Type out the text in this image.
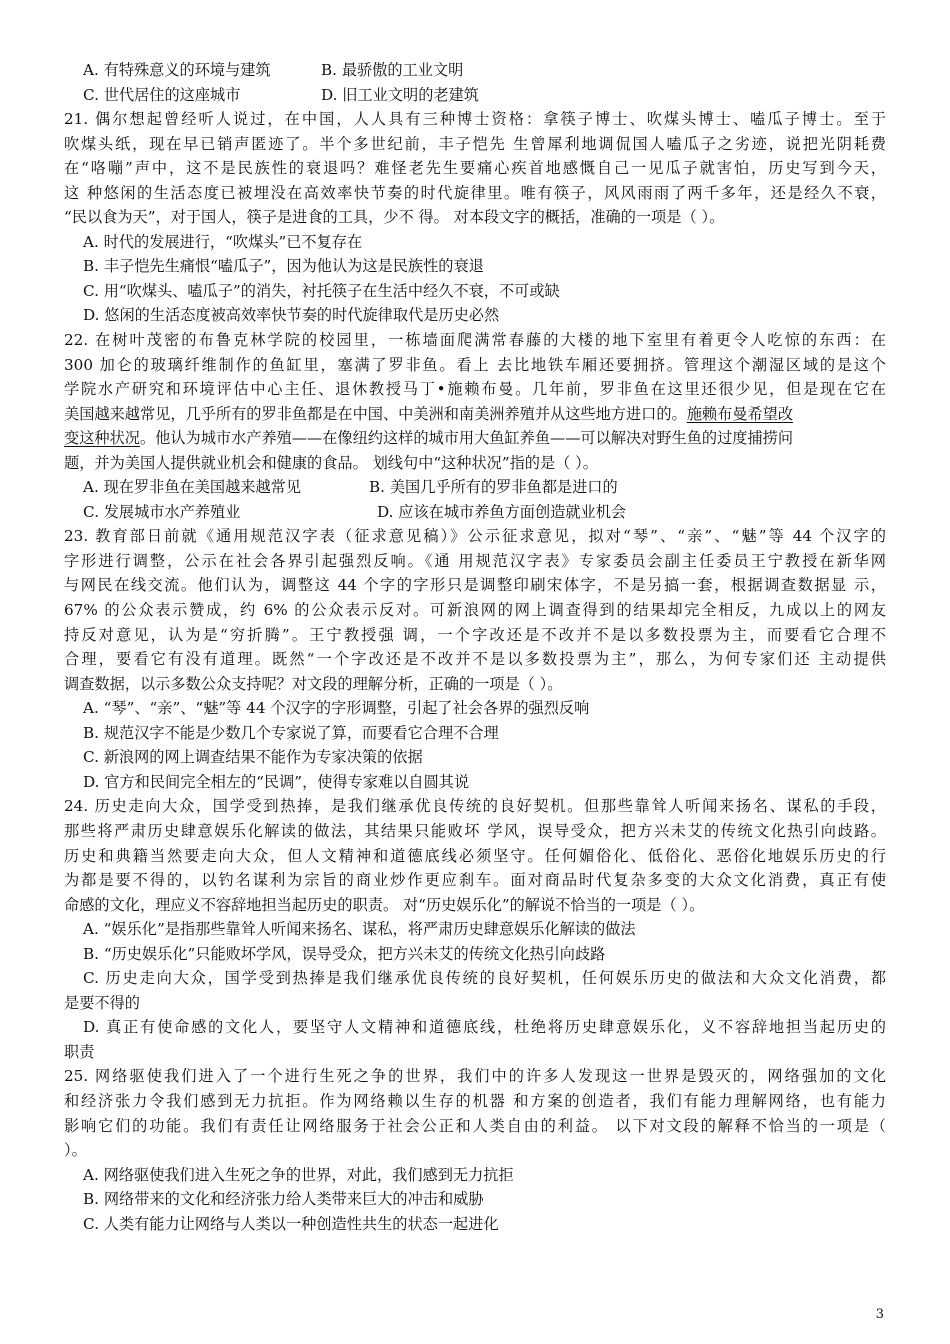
A. 有特殊意义的环境与建筑	B. 最骄傲的工业文明
C. 世代居住的这座城市	D. 旧工业文明的老建筑
21. 偶尔想起曾经听人说过，在中国，人人具有三种博士资格：拿筷子博士、吹煤头博士、嗑瓜子博士。至于
吹煤头纸，现在早已销声匿迹了。半个多世纪前，丰子恺先 生曾犀利地调侃国人嗑瓜子之劣迹，说把光阴耗费
在“咯嘣”声中，这不是民族性的衰退吗？难怪老先生要痛心疾首地感慨自己一见瓜子就害怕，历史写到今天，
这 种悠闲的生活态度已被埋没在高效率快节奏的时代旋律里。唯有筷子，风风雨雨了两千多年，还是经久不衰，
“民以食为天”，对于国人，筷子是进食的工具，少不 得。 对本段文字的概括，准确的一项是（ ）。
A. 时代的发展进行，“吹煤头”已不复存在
B. 丰子恺先生痛恨“嗑瓜子”，因为他认为这是民族性的衰退
C. 用“吹煤头、嗑瓜子”的消失，衬托筷子在生活中经久不衰，不可或缺
D. 悠闲的生活态度被高效率快节奏的时代旋律取代是历史必然
22. 在树叶茂密的布鲁克林学院的校园里，一栋墙面爬满常春藤的大楼的地下室里有着更令人吃惊的东西：在
300 加仑的玻璃纤维制作的鱼缸里，塞满了罗非鱼。看上 去比地铁车厢还要拥挤。管理这个潮湿区域的是这个
学院水产研究和环境评估中心主任、退休教授马丁•施赖布曼。几年前，罗非鱼在这里还很少见，但是现在它在
美国越来越常见，几乎所有的罗非鱼都是在中国、中美洲和南美洲养殖并从这些地方进口的。施赖布曼希望改
变这种状况。他认为城市水产养殖——在像纽约这样的城市用大鱼缸养鱼——可以解决对野生鱼的过度捕捞问
题，并为美国人提供就业机会和健康的食品。 划线句中“这种状况”指的是（ ）。
A. 现在罗非鱼在美国越来越常见	B. 美国几乎所有的罗非鱼都是进口的
C. 发展城市水产养殖业	D. 应该在城市养鱼方面创造就业机会
23. 教育部日前就《通用规范汉字表（征求意见稿）》公示征求意见，拟对“琴”、“亲”、“魅”等 44 个汉字的
字形进行调整，公示在社会各界引起强烈反响。《通 用规范汉字表》专家委员会副主任委员王宁教授在新华网
与网民在线交流。他们认为，调整这 44 个字的字形只是调整印刷宋体字，不是另搞一套，根据调查数据显 示，
67% 的公众表示赞成，约 6% 的公众表示反对。可新浪网的网上调查得到的结果却完全相反，九成以上的网友
持反对意见，认为是“穷折腾”。王宁教授强 调，一个字改还是不改并不是以多数投票为主，而要看它合理不
合理，要看它有没有道理。既然“一个字改还是不改并不是以多数投票为主”，那么，为何专家们还 主动提供
调查数据，以示多数公众支持呢？对文段的理解分析，正确的一项是（ ）。
A. “琴”、“亲”、“魅”等 44 个汉字的字形调整，引起了社会各界的强烈反响
B. 规范汉字不能是少数几个专家说了算，而要看它合理不合理
C. 新浪网的网上调查结果不能作为专家决策的依据
D. 官方和民间完全相左的“民调”，使得专家难以自圆其说
24. 历史走向大众，国学受到热捧，是我们继承优良传统的良好契机。但那些靠耸人听闻来扬名、谋私的手段，
那些将严肃历史肆意娱乐化解读的做法，其结果只能败坏 学风，误导受众，把方兴未艾的传统文化热引向歧路。
历史和典籍当然要走向大众，但人文精神和道德底线必须坚守。任何媚俗化、低俗化、恶俗化地娱乐历史的行
为都是要不得的，以钓名谋利为宗旨的商业炒作更应刹车。面对商品时代复杂多变的大众文化消费，真正有使
命感的文化，理应义不容辞地担当起历史的职责。 对“历史娱乐化”的解说不恰当的一项是（ ）。
A. “娱乐化”是指那些靠耸人听闻来扬名、谋私，将严肃历史肆意娱乐化解读的做法
B. “历史娱乐化”只能败坏学风，误导受众，把方兴未艾的传统文化热引向歧路
C. 历史走向大众，国学受到热捧是我们继承优良传统的良好契机，任何娱乐历史的做法和大众文化消费，都
是要不得的
D. 真正有使命感的文化人，要坚守人文精神和道德底线，杜绝将历史肆意娱乐化，义不容辞地担当起历史的
职责
25. 网络驱使我们进入了一个进行生死之争的世界，我们中的许多人发现这一世界是毁灭的，网络强加的文化
和经济张力令我们感到无力抗拒。作为网络赖以生存的机器 和方案的创造者，我们有能力理解网络，也有能力
影响它们的功能。我们有责任让网络服务于社会公正和人类自由的利益。 以下对文段的解释不恰当的一项是（
）。
A. 网络驱使我们进入生死之争的世界，对此，我们感到无力抗拒
B. 网络带来的文化和经济张力给人类带来巨大的冲击和威胁
C. 人类有能力让网络与人类以一种创造性共生的状态一起进化
3
